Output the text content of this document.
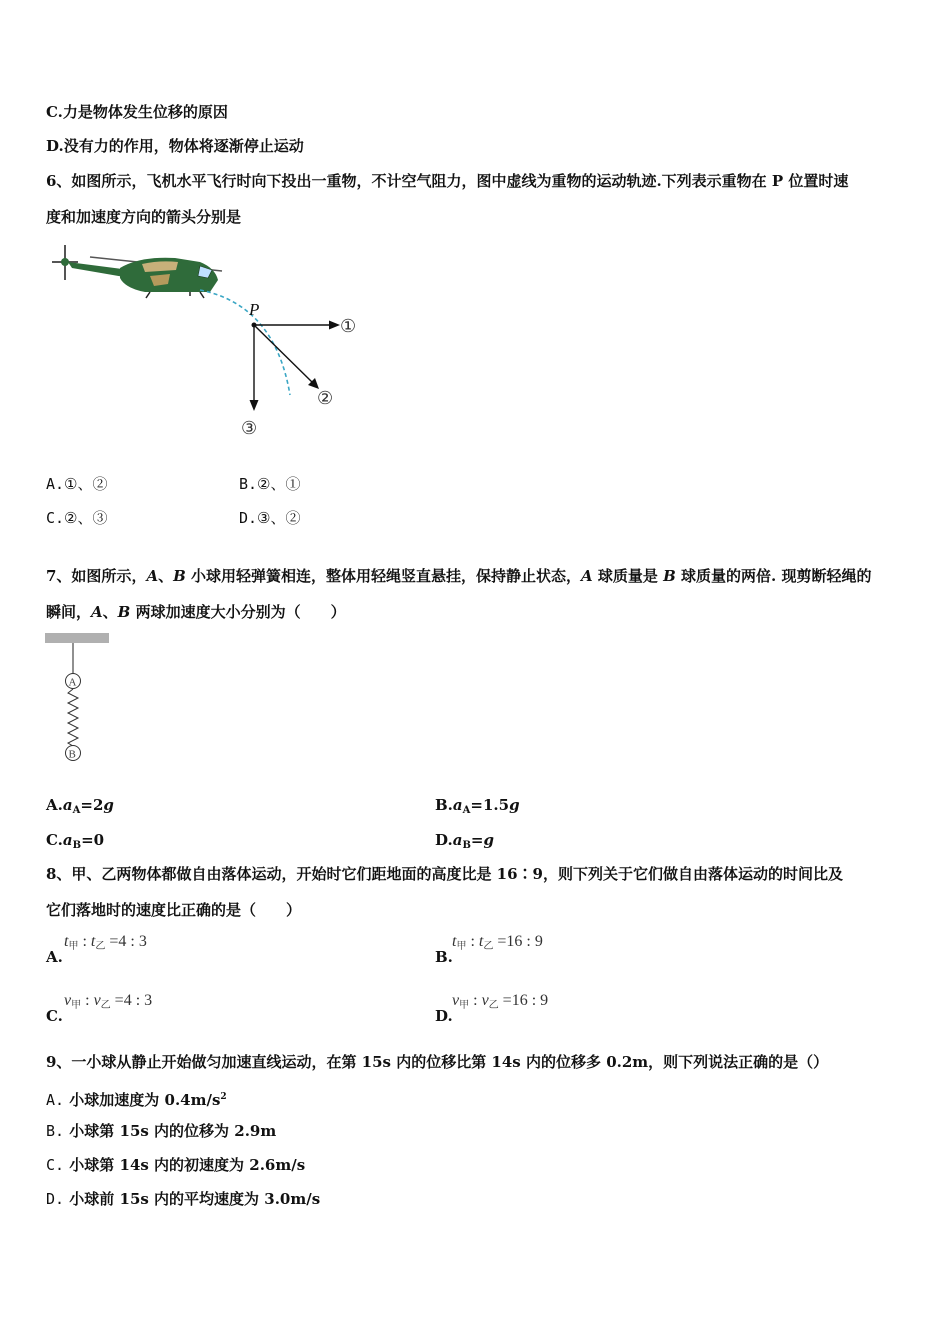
C.力是物体发生位移的原因
D.没有力的作用，物体将逐渐停止运动
6、如图所示，飞机水平飞行时向下投出一重物，不计空气阻力，图中虚线为重物的运动轨迹.下列表示重物在 P 位置时速
度和加速度方向的箭头分别是
P
①
②
③
A.①、②	B.②、①
C.②、③	D.③、②
7、如图所示，A、B 小球用轻弹簧相连，整体用轻绳竖直悬挂，保持静止状态，A 球质量是 B 球质量的两倍. 现剪断轻绳的
瞬间，A、B 两球加速度大小分别为（　　）
A
B
$A.a_A=2g$	$B.a_A=1.5g$
$C.a_B=0$	$D.a_B=g$
8、甲、乙两物体都做自由落体运动，开始时它们距地面的高度比是 16∶9，则下列关于它们做自由落体运动的时间比及
它们落地时的速度比正确的是（　　）
A.
$t_甲$ : $t_乙 =4$ : 3
B.
$t_甲$ : $t_乙 =16$ : 9
C.
$v_甲$ : $v_乙 =4$ : 3
D.
$v_甲$ : $v_乙 =16$ : 9
9、一小球从静止开始做匀加速直线运动，在第 15s 内的位移比第 14s 内的位移多 0.2m，则下列说法正确的是（）
A. 小球加速度为 $0.4m/s^2$
B. 小球第 15s 内的位移为 2.9m
C. 小球第 14s 内的初速度为 2.6m/s
D. 小球前 15s 内的平均速度为 3.0m/s
